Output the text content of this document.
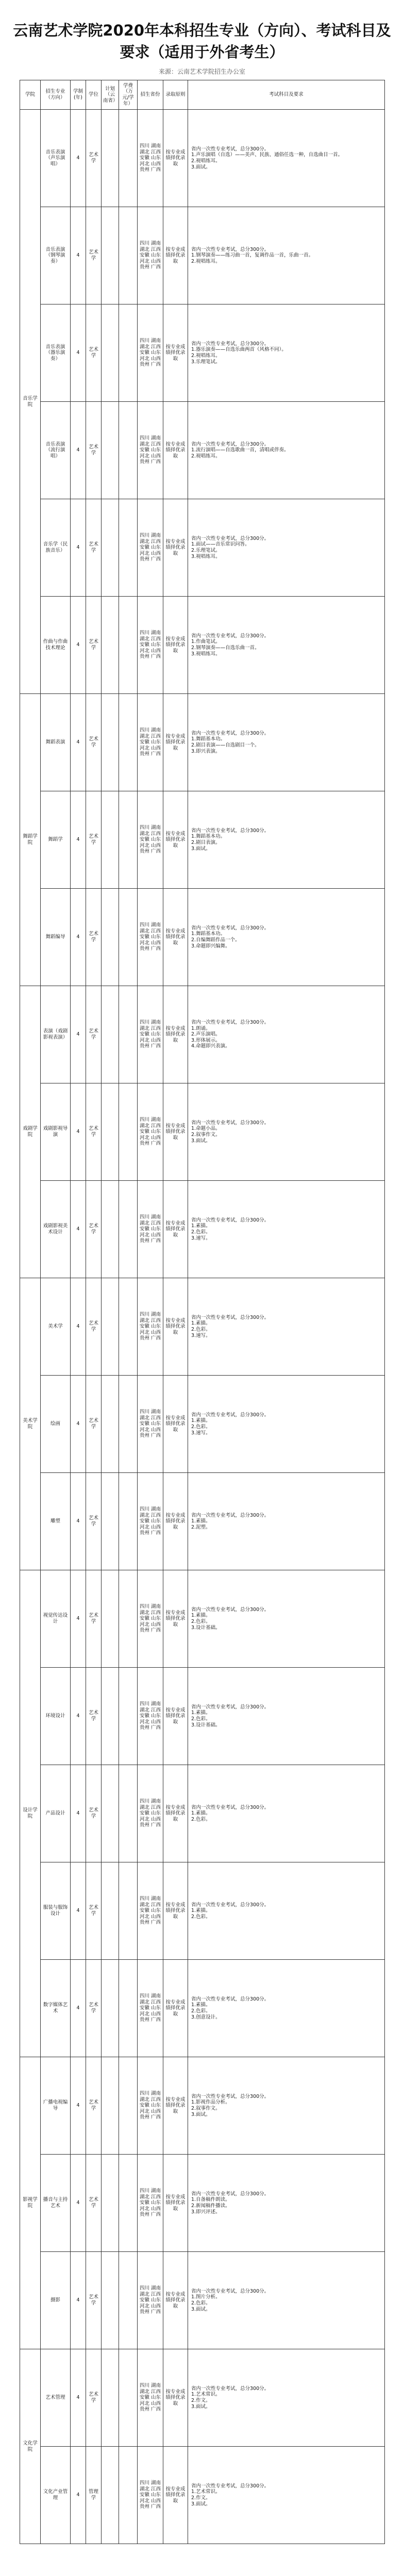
云南艺术学院2020年本科招生专业（方向）、考试科目及要求（适用于外省考生）
来源：云南艺术学院招生办公室
学院	招生专业（方向）	学制(年)	学位	计划（云南省）	学费（万元/学年）	招生省份	录取原则	考试科目及要求
音乐学院	音乐表演（声乐演唱）	4	艺术学			四川 湖南 湖北 江西 安徽 山东 河北 山西 贵州 广西	按专业成绩择优录取	省内一次性专业考试，总分300分。
1.声乐演唱（自选）——美声、民族、通俗任选一种，自选曲目一首。
2.视唱练耳。
3.面试。

	音乐表演（钢琴演奏）	4	艺术学			四川 湖南 湖北 江西 安徽 山东 河北 山西 贵州 广西	按专业成绩择优录取	省内一次性专业考试，总分300分。
1.钢琴演奏——练习曲一首，复调作品一首，乐曲一首。
2.视唱练耳。

	音乐表演（器乐演奏）	4	艺术学			四川 湖南 湖北 江西 安徽 山东 河北 山西 贵州 广西	按专业成绩择优录取	省内一次性专业考试，总分300分。
1.器乐演奏——自选乐曲两首（风格不同）。
2.视唱练耳。
3.乐理笔试。

	音乐表演（流行演唱）	4	艺术学			四川 湖南 湖北 江西 安徽 山东 河北 山西 贵州 广西	按专业成绩择优录取	省内一次性专业考试，总分300分。
1.流行演唱——自选歌曲一首，清唱或伴奏。
2.视唱练耳。

	音乐学（民族音乐）	4	艺术学			四川 湖南 湖北 江西 安徽 山东 河北 山西 贵州 广西	按专业成绩择优录取	省内一次性专业考试，总分300分。
1.面试——音乐常识问答。
2.乐理笔试。
3.视唱练耳。

	作曲与作曲技术理论	4	艺术学			四川 湖南 湖北 江西 安徽 山东 河北 山西 贵州 广西	按专业成绩择优录取	省内一次性专业考试，总分300分。
1.作曲笔试。
2.钢琴演奏——自选乐曲一首。
3.视唱练耳。

舞蹈学院	舞蹈表演	4	艺术学			四川 湖南 湖北 江西 安徽 山东 河北 山西 贵州 广西	按专业成绩择优录取	省内一次性专业考试，总分300分。
1.舞蹈基本功。
2.剧目表演——自选剧目一个。
3.即兴表演。

	舞蹈学	4	艺术学			四川 湖南 湖北 江西 安徽 山东 河北 山西 贵州 广西	按专业成绩择优录取	省内一次性专业考试，总分300分。
1.舞蹈基本功。
2.剧目表演。
3.面试。

	舞蹈编导	4	艺术学			四川 湖南 湖北 江西 安徽 山东 河北 山西 贵州 广西	按专业成绩择优录取	省内一次性专业考试，总分300分。
1.舞蹈基本功。
2.自编舞蹈作品一个。
3.命题即兴编舞。

戏剧学院	表演（戏剧影视表演）	4	艺术学			四川 湖南 湖北 江西 安徽 山东 河北 山西 贵州 广西	按专业成绩择优录取	省内一次性专业考试，总分300分。
1.朗诵。
2.声乐演唱。
3.形体展示。
4.命题即兴表演。

	戏剧影视导演	4	艺术学			四川 湖南 湖北 江西 安徽 山东 河北 山西 贵州 广西	按专业成绩择优录取	省内一次性专业考试，总分300分。
1.命题小品。
2.叙事作文。
3.面试。

	戏剧影视美术设计	4	艺术学			四川 湖南 湖北 江西 安徽 山东 河北 山西 贵州 广西	按专业成绩择优录取	省内一次性专业考试，总分300分。
1.素描。
2.色彩。
3.速写。

美术学院	美术学	4	艺术学			四川 湖南 湖北 江西 安徽 山东 河北 山西 贵州 广西	按专业成绩择优录取	省内一次性专业考试，总分300分。
1.素描。
2.色彩。
3.速写。

	绘画	4	艺术学			四川 湖南 湖北 江西 安徽 山东 河北 山西 贵州 广西	按专业成绩择优录取	省内一次性专业考试，总分300分。
1.素描。
2.色彩。
3.速写。

	雕塑	4	艺术学			四川 湖南 湖北 江西 安徽 山东 河北 山西 贵州 广西	按专业成绩择优录取	省内一次性专业考试，总分300分。
1.素描。
2.泥塑。

设计学院	视觉传达设计	4	艺术学			四川 湖南 湖北 江西 安徽 山东 河北 山西 贵州 广西	按专业成绩择优录取	省内一次性专业考试，总分300分。
1.素描。
2.色彩。
3.设计基础。

	环境设计	4	艺术学			四川 湖南 湖北 江西 安徽 山东 河北 山西 贵州 广西	按专业成绩择优录取	省内一次性专业考试，总分300分。
1.素描。
2.色彩。
3.设计基础。

	产品设计	4	艺术学			四川 湖南 湖北 江西 安徽 山东 河北 山西 贵州 广西	按专业成绩择优录取	省内一次性专业考试，总分300分。
1.素描。
2.色彩。

	服装与服饰设计	4	艺术学			四川 湖南 湖北 江西 安徽 山东 河北 山西 贵州 广西	按专业成绩择优录取	省内一次性专业考试，总分300分。
1.素描。
2.色彩。

	数字媒体艺术	4	艺术学			四川 湖南 湖北 江西 安徽 山东 河北 山西 贵州 广西	按专业成绩择优录取	省内一次性专业考试，总分300分。
1.素描。
2.色彩。
3.创意设计。

影视学院	广播电视编导	4	艺术学			四川 湖南 湖北 江西 安徽 山东 河北 山西 贵州 广西	按专业成绩择优录取	省内一次性专业考试，总分300分。
1.影视作品分析。
2.叙事作文。
3.面试。

	播音与主持艺术	4	艺术学			四川 湖南 湖北 江西 安徽 山东 河北 山西 贵州 广西	按专业成绩择优录取	省内一次性专业考试，总分300分。
1.自备稿件朗读。
2.新闻稿件播读。
3.即兴评述。

	摄影	4	艺术学			四川 湖南 湖北 江西 安徽 山东 河北 山西 贵州 广西	按专业成绩择优录取	省内一次性专业考试，总分300分。
1.图片分析。
2.色彩。
3.面试。

文化学院	艺术管理	4	艺术学			四川 湖南 湖北 江西 安徽 山东 河北 山西 贵州 广西	按专业成绩择优录取	省内一次性专业考试，总分300分。
1.艺术常识。
2.作文。
3.面试。

	文化产业管理	4	管理学			四川 湖南 湖北 江西 安徽 山东 河北 山西 贵州 广西	按专业成绩择优录取	省内一次性专业考试，总分300分。
1.艺术常识。
2.作文。
3.面试。
